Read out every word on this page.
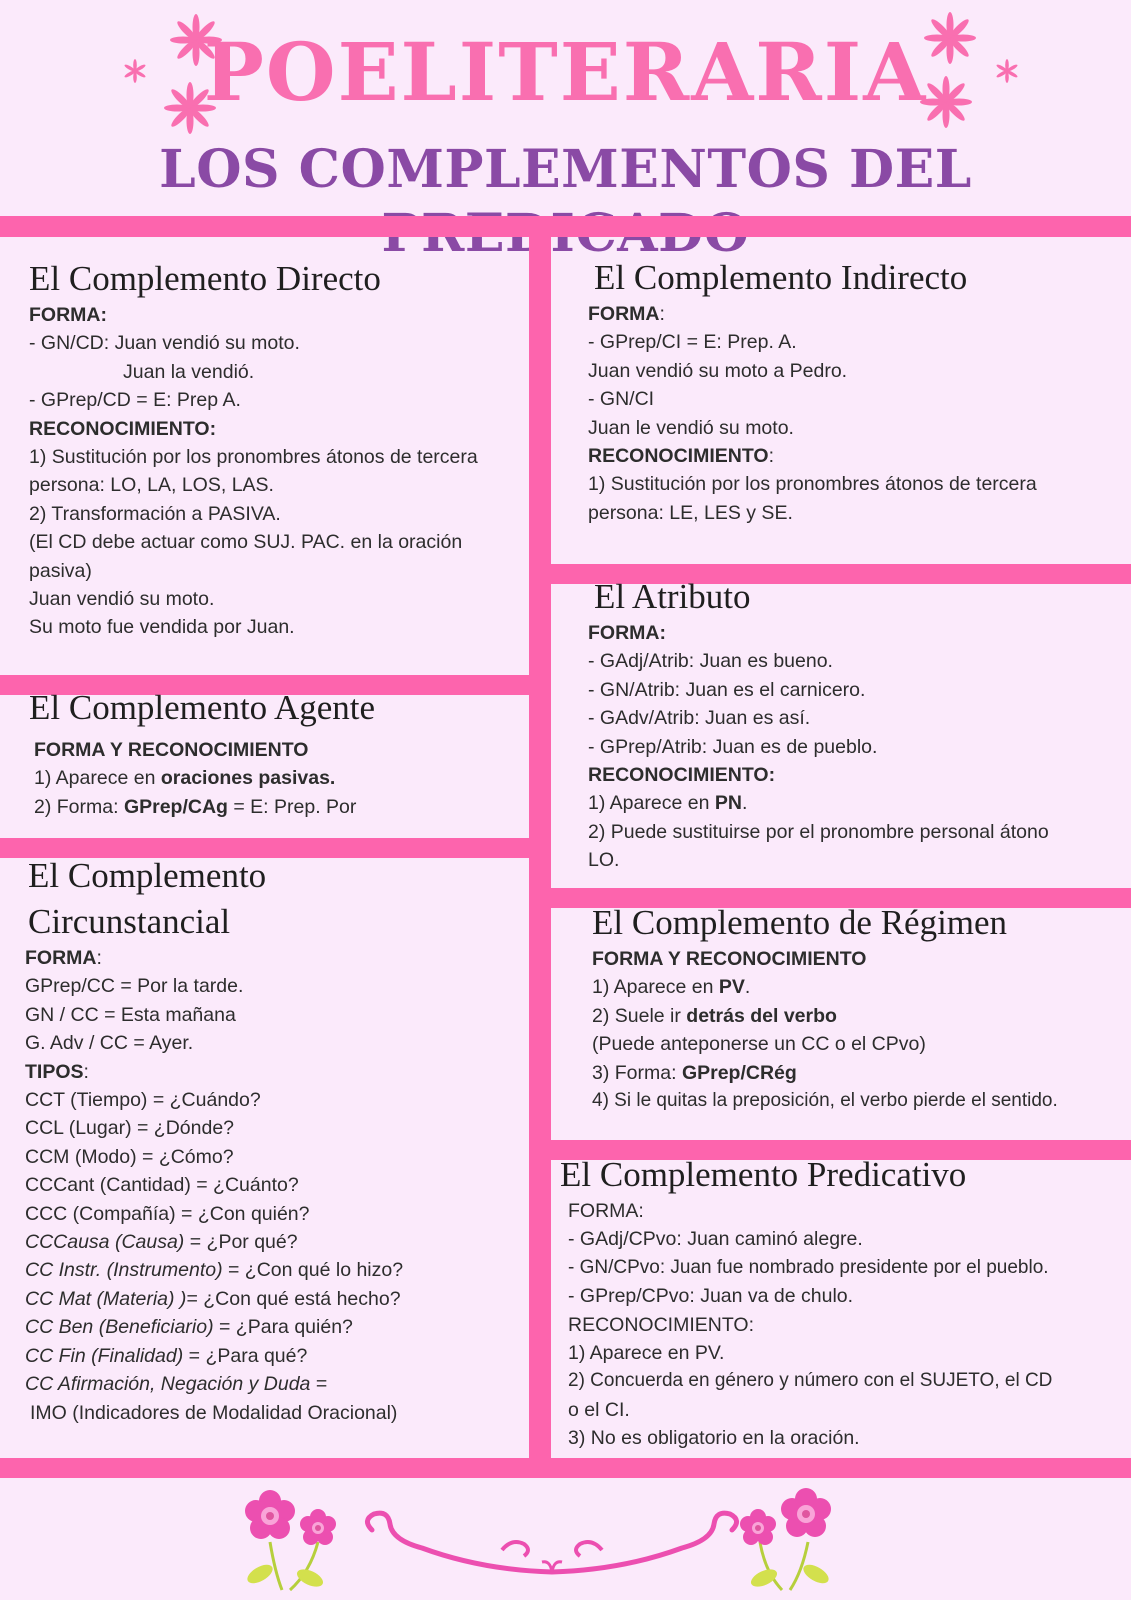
POELITERARIA
LOS COMPLEMENTOS DEL
El Complemento Directo
FORMA:
- GN/CD: Juan vendió su moto.
Juan la vendió.
- GPrep/CD = E: Prep A.
RECONOCIMIENTO:
1) Sustitución por los pronombres átonos de tercera
persona: LO, LA, LOS, LAS.
2) Transformación a PASIVA.
(El CD debe actuar como SUJ. PAC. en la oración
pasiva)
Juan vendió su moto.
Su moto fue vendida por Juan.
El Complemento Indirecto
FORMA:
- GPrep/CI = E: Prep. A.
Juan vendió su moto a Pedro.
- GN/CI
Juan le vendió su moto.
RECONOCIMIENTO:
1) Sustitución por los pronombres átonos de tercera
persona: LE, LES y SE.
El Complemento Agente
FORMA Y RECONOCIMIENTO
1) Aparece en oraciones pasivas.
2) Forma: GPrep/CAg = E: Prep. Por
El Atributo
FORMA:
- GAdj/Atrib: Juan es bueno.
- GN/Atrib: Juan es el carnicero.
- GAdv/Atrib: Juan es así.
- GPrep/Atrib: Juan es de pueblo.
RECONOCIMIENTO:
1) Aparece en PN.
2) Puede sustituirse por el pronombre personal átono
LO.
El Complemento
Circunstancial
FORMA:
GPrep/CC = Por la tarde.
GN / CC = Esta mañana
G. Adv / CC = Ayer.
TIPOS:
CCT (Tiempo) = ¿Cuándo?
CCL (Lugar) = ¿Dónde?
CCM (Modo) = ¿Cómo?
CCCant (Cantidad) = ¿Cuánto?
CCC (Compañía) = ¿Con quién?
CCCausa (Causa) = ¿Por qué?
CC Instr. (Instrumento) = ¿Con qué lo hizo?
CC Mat (Materia) )= ¿Con qué está hecho?
CC Ben (Beneficiario) = ¿Para quién?
CC Fin (Finalidad) = ¿Para qué?
CC Afirmación, Negación y Duda =
IMO (Indicadores de Modalidad Oracional)
El Complemento de Régimen
FORMA Y RECONOCIMIENTO
1) Aparece en PV.
2) Suele ir detrás del verbo
(Puede anteponerse un CC o el CPvo)
3) Forma: GPrep/CRég
4) Si le quitas la preposición, el verbo pierde el sentido.
El Complemento Predicativo
FORMA:
- GAdj/CPvo: Juan caminó alegre.
- GN/CPvo: Juan fue nombrado presidente por el pueblo.
- GPrep/CPvo: Juan va de chulo.
RECONOCIMIENTO:
1) Aparece en PV.
2) Concuerda en género y número con el SUJETO, el CD
o el CI.
3) No es obligatorio en la oración.
